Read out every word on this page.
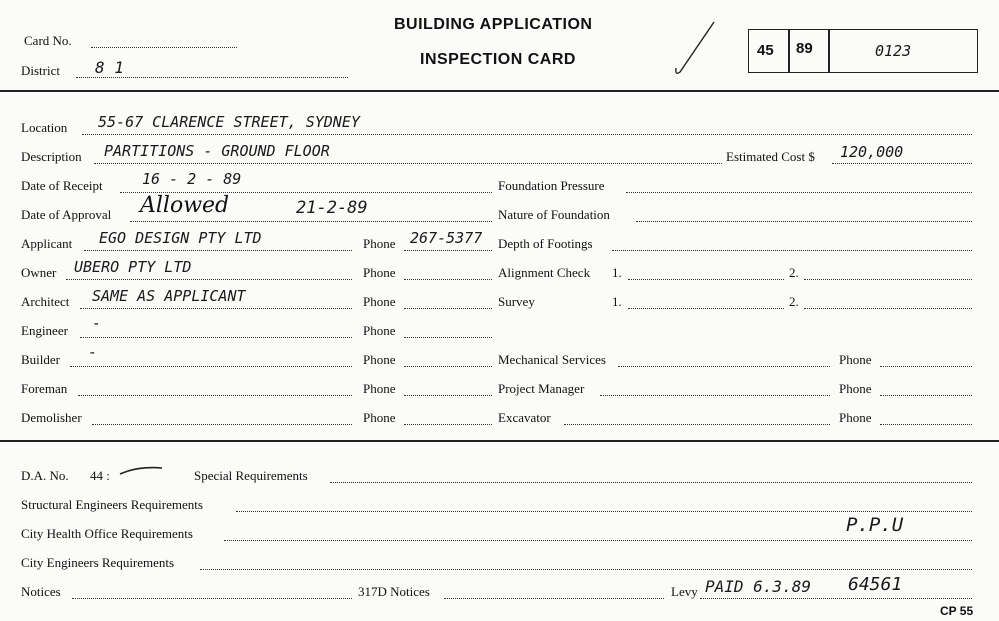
Card No.
District 8 1
BUILDING APPLICATION
INSPECTION CARD
45 89	0123
Location 55-67 CLARENCE STREET, SYDNEY
Description PARTITIONS - GROUND FLOOR	Estimated Cost $ 120,000
Date of Receipt	16 - 2 - 89	Foundation Pressure
Date of Approval Allowed	21-2-89	Nature of Foundation
Applicant EGO DESIGN PTY LTD	Phone 267-5377 Depth of Footings
Owner UBERO PTY LTD	Phone	Alignment Check 1.	2.
Architect SAME AS APPLICANT	Phone	Survey	1.	2.
Engineer -	Phone
Builder -	Phone	Mechanical Services	Phone
Foreman	Phone	Project Manager	Phone
Demolisher	Phone	Excavator	Phone
D.A. No. 44 :	Special Requirements
Structural Engineers Requirements
City Health Office Requirements	P.P.U
City Engineers Requirements
Notices	317D Notices	Levy PAID 6.3.89 64561
CP 55
